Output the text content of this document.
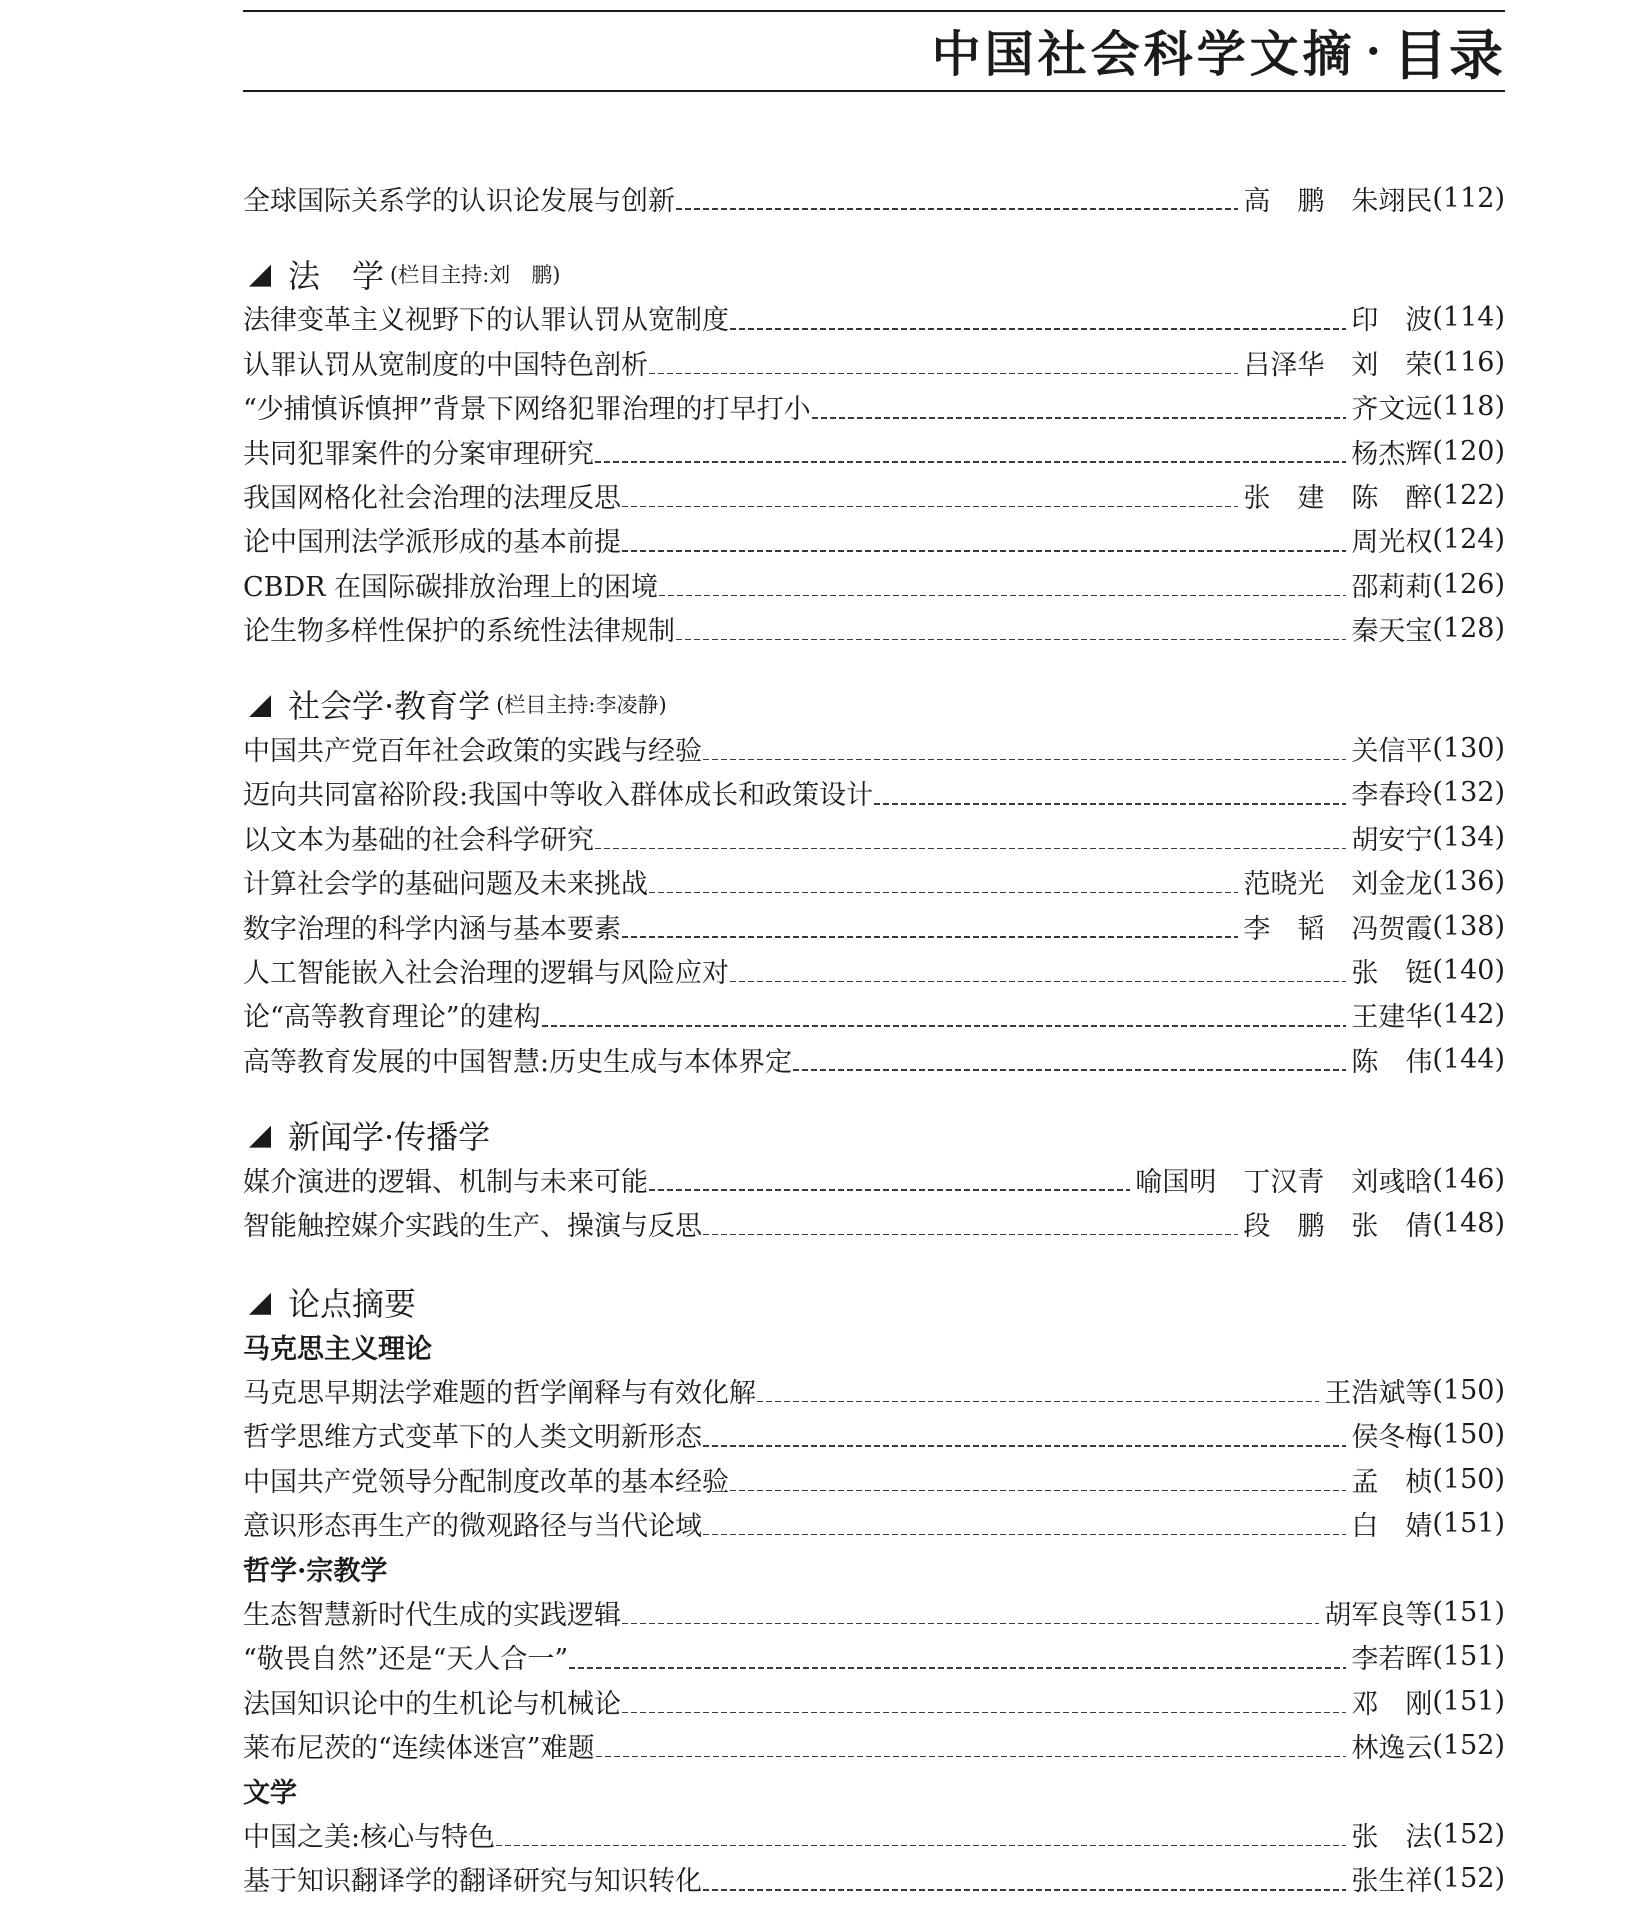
中国社会科学文摘 · 目录
全球国际关系学的认识论发展与创新	高　鹏　朱翊民 (112)
法　学 (栏目主持:刘　鹏)
法律变革主义视野下的认罪认罚从宽制度	印　波 (114)
认罪认罚从宽制度的中国特色剖析	吕泽华　刘　荣 (116)
“少捕慎诉慎押”背景下网络犯罪治理的打早打小	齐文远 (118)
共同犯罪案件的分案审理研究	杨杰辉 (120)
我国网格化社会治理的法理反思	张　建　陈　醉 (122)
论中国刑法学派形成的基本前提	周光权 (124)
CBDR 在国际碳排放治理上的困境	邵莉莉 (126)
论生物多样性保护的系统性法律规制	秦天宝 (128)
社会学·教育学 (栏目主持:李凌静)
中国共产党百年社会政策的实践与经验	关信平 (130)
迈向共同富裕阶段:我国中等收入群体成长和政策设计	李春玲 (132)
以文本为基础的社会科学研究	胡安宁 (134)
计算社会学的基础问题及未来挑战	范晓光　刘金龙 (136)
数字治理的科学内涵与基本要素	李　韬　冯贺霞 (138)
人工智能嵌入社会治理的逻辑与风险应对	张　铤 (140)
论“高等教育理论”的建构	王建华 (142)
高等教育发展的中国智慧:历史生成与本体界定	陈　伟 (144)
新闻学·传播学
媒介演进的逻辑、机制与未来可能	喻国明　丁汉青　刘彧晗 (146)
智能触控媒介实践的生产、操演与反思	段　鹏　张　倩 (148)
论点摘要
马克思主义理论
马克思早期法学难题的哲学阐释与有效化解	王浩斌等 (150)
哲学思维方式变革下的人类文明新形态	侯冬梅 (150)
中国共产党领导分配制度改革的基本经验	孟　桢 (150)
意识形态再生产的微观路径与当代论域	白　婧 (151)
哲学·宗教学
生态智慧新时代生成的实践逻辑	胡军良等 (151)
“敬畏自然”还是“天人合一”	李若晖 (151)
法国知识论中的生机论与机械论	邓　刚 (151)
莱布尼茨的“连续体迷宫”难题	林逸云 (152)
文学
中国之美:核心与特色	张　法 (152)
基于知识翻译学的翻译研究与知识转化	张生祥 (152)
